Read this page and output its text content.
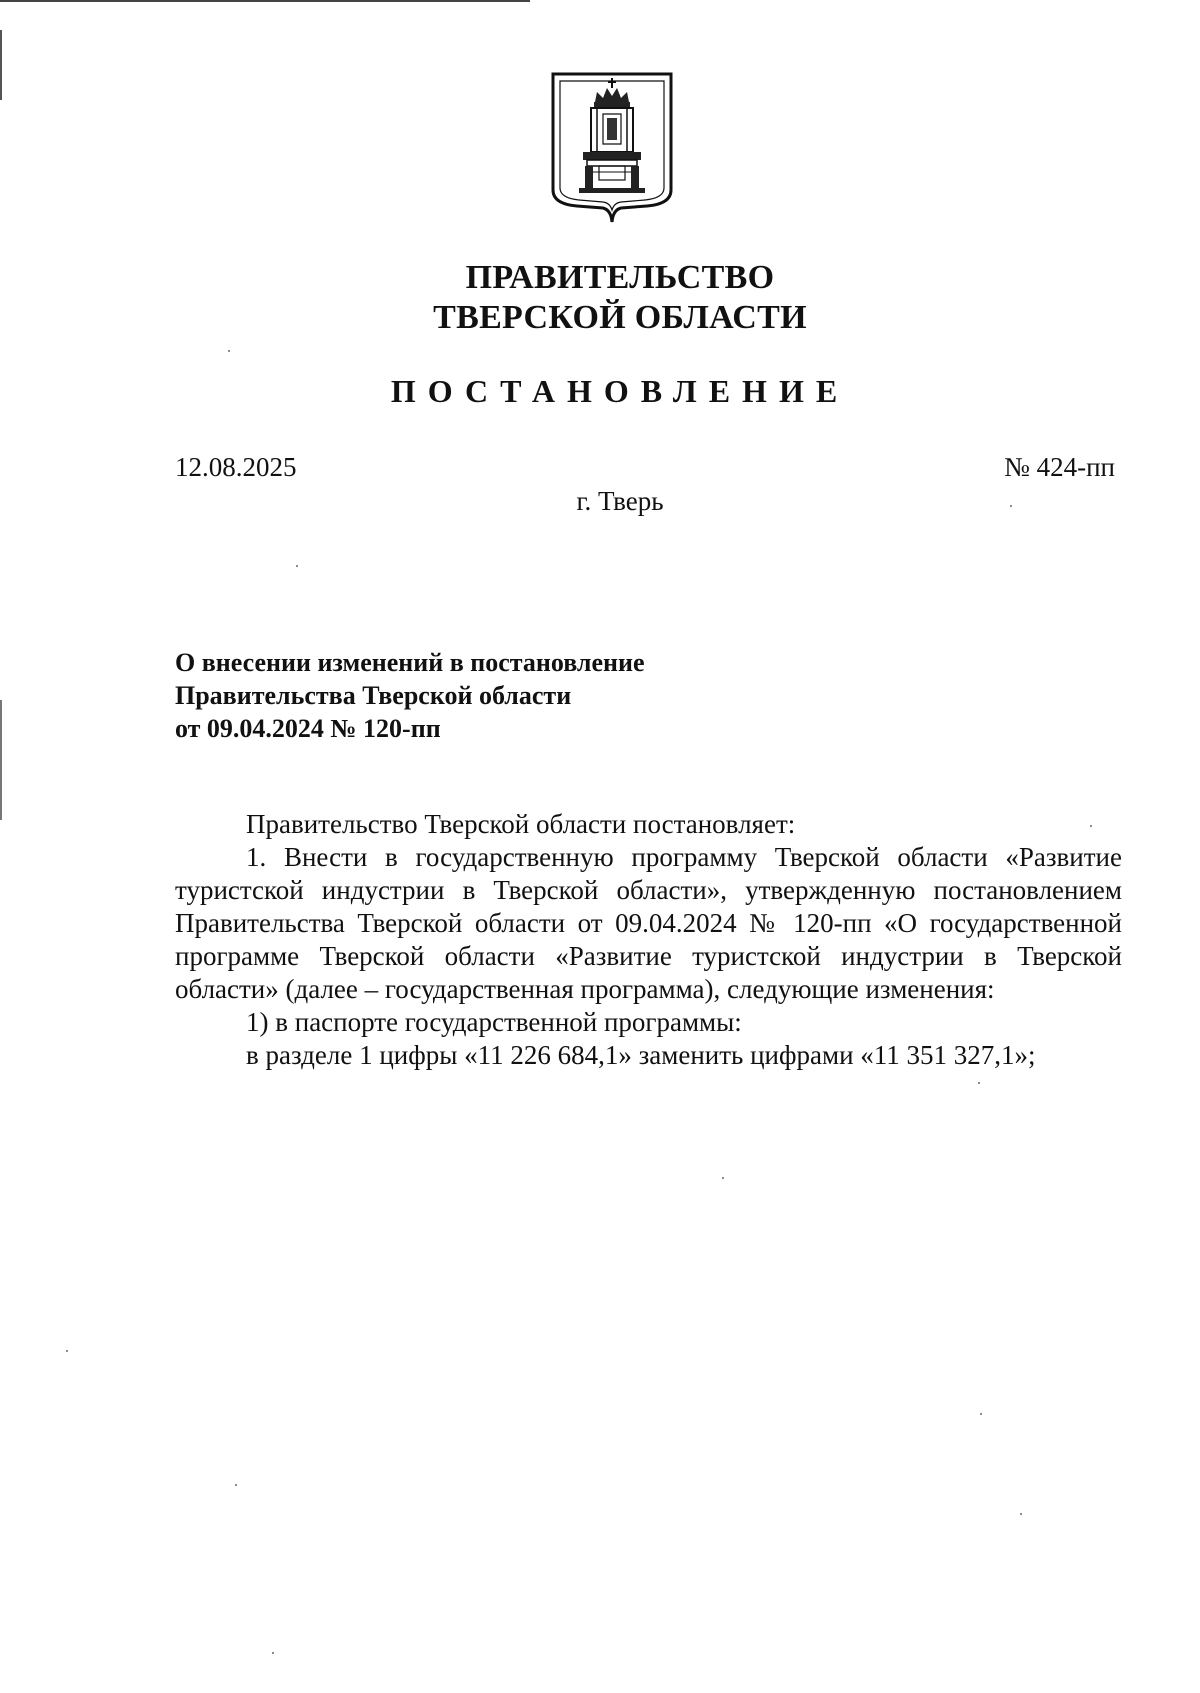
ПРАВИТЕЛЬСТВО
ТВЕРСКОЙ ОБЛАСТИ
ПОСТАНОВЛЕНИЕ
12.08.2025	№ 424-пп
г. Тверь
О внесении изменений в постановление
Правительства Тверской области
от 09.04.2024 № 120-пп

Правительство Тверской области постановляет:

1. Внести в государственную программу Тверской области «Развитие туристской индустрии в Тверской области», утвержденную постановлением Правительства Тверской области от 09.04.2024 № 120-пп «О государственной программе Тверской области «Развитие туристской индустрии в Тверской области» (далее – государственная программа), следующие изменения:

1) в паспорте государственной программы:

в разделе 1 цифры «11 226 684,1» заменить цифрами «11 351 327,1»;
